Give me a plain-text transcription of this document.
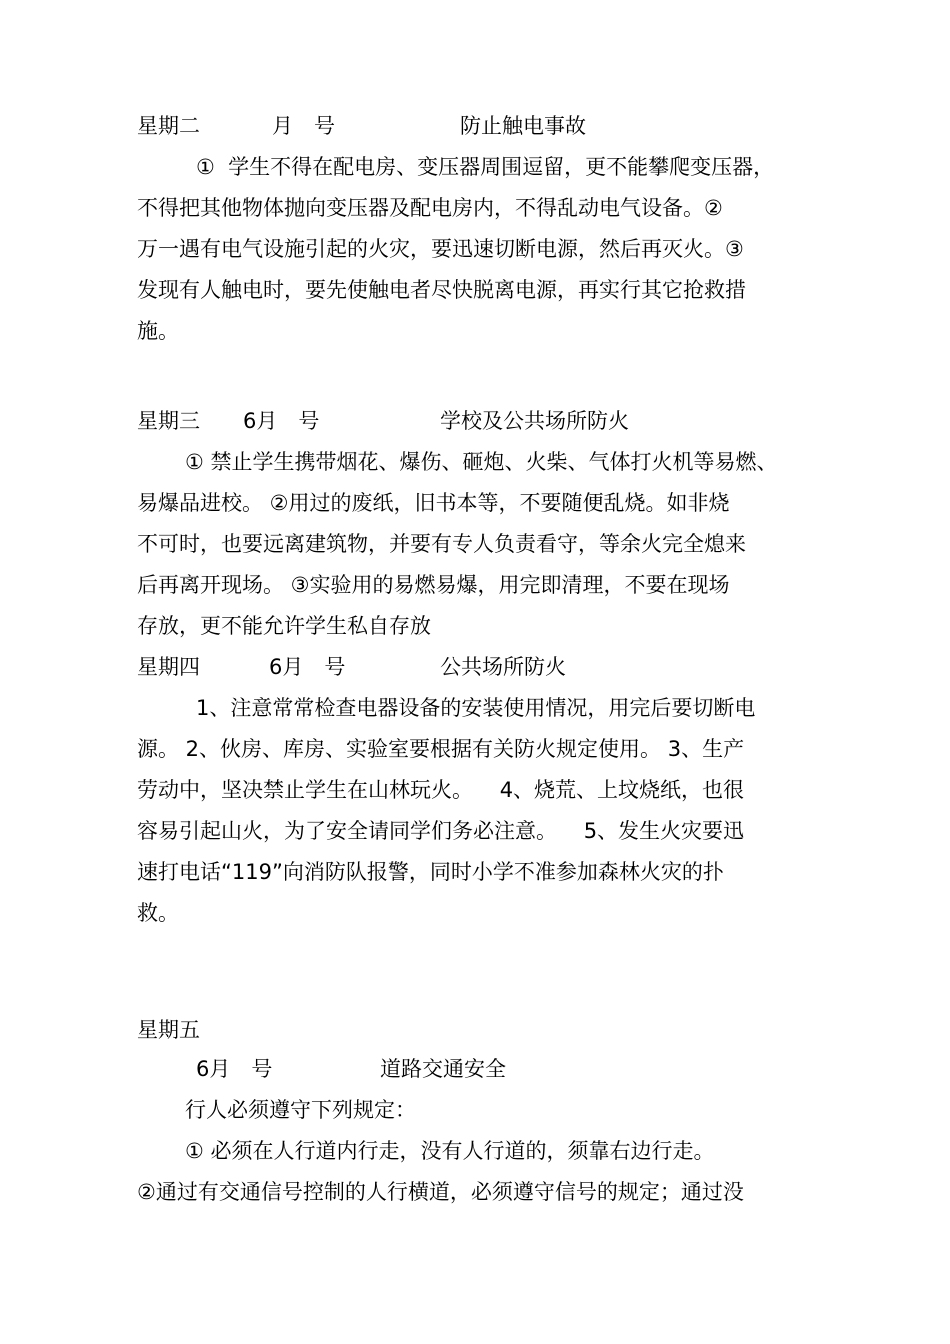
星期二	月　号	防止触电事故
①  学生不得在配电房、变压器周围逗留，更不能攀爬变压器，
不得把其他物体抛向变压器及配电房内，不得乱动电气设备。②
万一遇有电气设施引起的火灾，要迅速切断电源，然后再灭火。③
发现有人触电时，要先使触电者尽快脱离电源，再实行其它抢救措
施。
星期三 6月　号	学校及公共场所防火
① 禁止学生携带烟花、爆伤、砸炮、火柴、气体打火机等易燃、
易爆品进校。 ②用过的废纸，旧书本等，不要随便乱烧。如非烧
不可时，也要远离建筑物，并要有专人负责看守，等余火完全熄来
后再离开现场。 ③实验用的易燃易爆，用完即清理，不要在现场
存放，更不能允许学生私自存放
星期四	6月　号	公共场所防火
1、注意常常检查电器设备的安装使用情况，用完后要切断电
源。 2、伙房、库房、实验室要根据有关防火规定使用。 3、生产
劳动中，坚决禁止学生在山林玩火。    4、烧荒、上坟烧纸，也很
容易引起山火，为了安全请同学们务必注意。    5、发生火灾要迅
速打电话“119”向消防队报警，同时小学不准参加森林火灾的扑
救。
星期五
6月　号	道路交通安全
行人必须遵守下列规定：
① 必须在人行道内行走，没有人行道的，须靠右边行走。
②通过有交通信号控制的人行横道，必须遵守信号的规定；通过没
